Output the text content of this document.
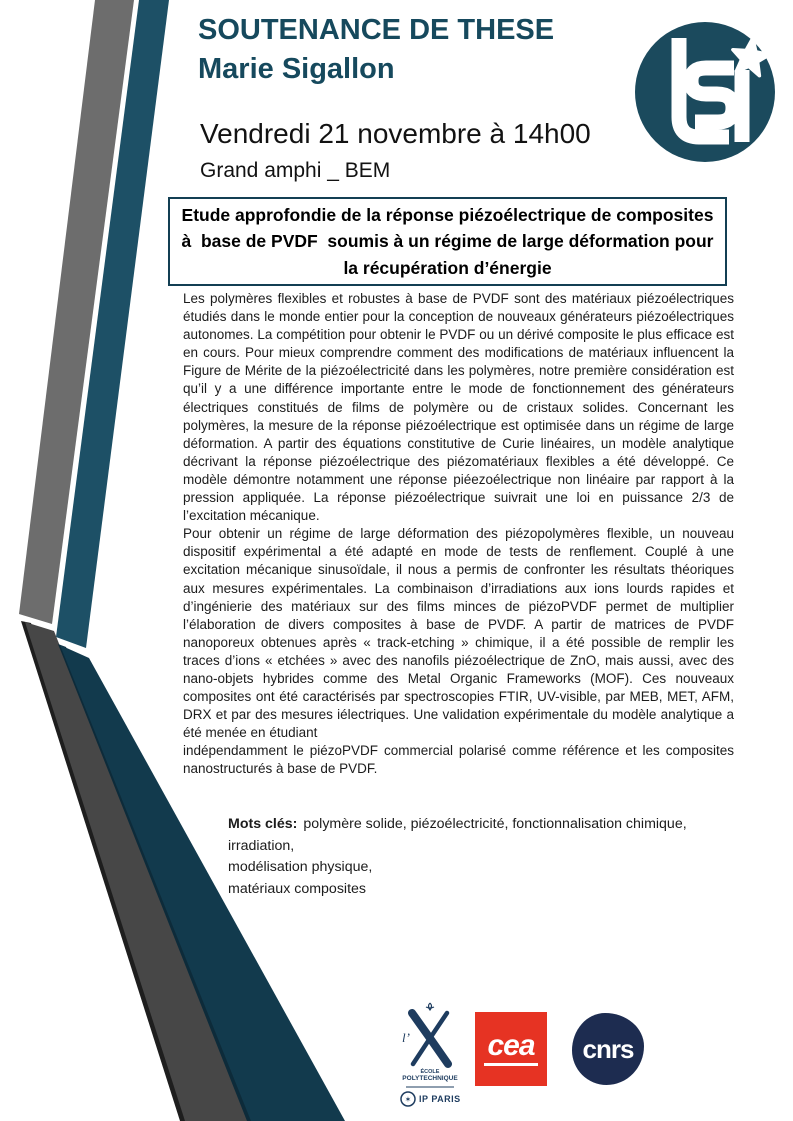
SOUTENANCE DE THESE
Marie Sigallon
Vendredi 21 novembre à 14h00
Grand amphi _ BEM
Etude approfondie de la réponse piézoélectrique de composites
à  base de PVDF  soumis à un régime de large déformation pour
la récupération d’énergie

Les polymères flexibles et robustes à base de PVDF sont des matériaux piézoélectriques étudiés dans le monde entier pour la conception de nouveaux générateurs piézoélectriques autonomes. La compétition pour obtenir le PVDF ou un dérivé composite le plus efficace est en cours. Pour mieux comprendre comment des modifications de matériaux influencent la Figure de Mérite de la piézoélectricité dans les polymères, notre première considération est qu’il y a une différence importante entre le mode de fonctionnement des générateurs électriques constitués de films de polymère ou de cristaux solides. Concernant les polymères, la mesure de la réponse piézoélectrique est optimisée dans un régime de large déformation. A partir des équations constitutive de Curie linéaires, un modèle analytique décrivant la réponse piézoélectrique des piézomatériaux flexibles a été développé. Ce modèle démontre notamment une réponse piéezoélectrique non linéaire par rapport à la pression appliquée. La réponse piézoélectrique suivrait une loi en puissance 2/3 de l’excitation mécanique.

Pour obtenir un régime de large déformation des piézopolymères flexible, un nouveau dispositif expérimental a été adapté en mode de tests de renflement. Couplé à une excitation mécanique sinusoïdale, il nous a permis de confronter les résultats théoriques aux mesures expérimentales. La combinaison d’irradiations aux ions lourds rapides et d’ingénierie des matériaux sur des films minces de piézoPVDF permet de multiplier l’élaboration de divers composites à base de PVDF. A partir de matrices de PVDF nanoporeux obtenues après « track-etching » chimique, il a été possible de remplir les traces d’ions « etchées » avec des nanofils piézoélectrique de ZnO, mais aussi, avec des nano-objets hybrides comme des Metal Organic Frameworks (MOF). Ces nouveaux composites ont été caractérisés par spectroscopies FTIR, UV-visible, par MEB, MET, AFM, DRX et par des mesures iélectriques. Une validation expérimentale du modèle analytique a été menée en étudiant

indépendamment le piézoPVDF commercial polarisé comme référence et les composites nanostructurés à base de PVDF.

Mots clés: polymère solide, piézoélectricité, fonctionnalisation chimique, irradiation,
modélisation physique,
matériaux composites
l’
ÉCOLE
POLYTECHNIQUE
✶ IP PARIS
cea cnrs
